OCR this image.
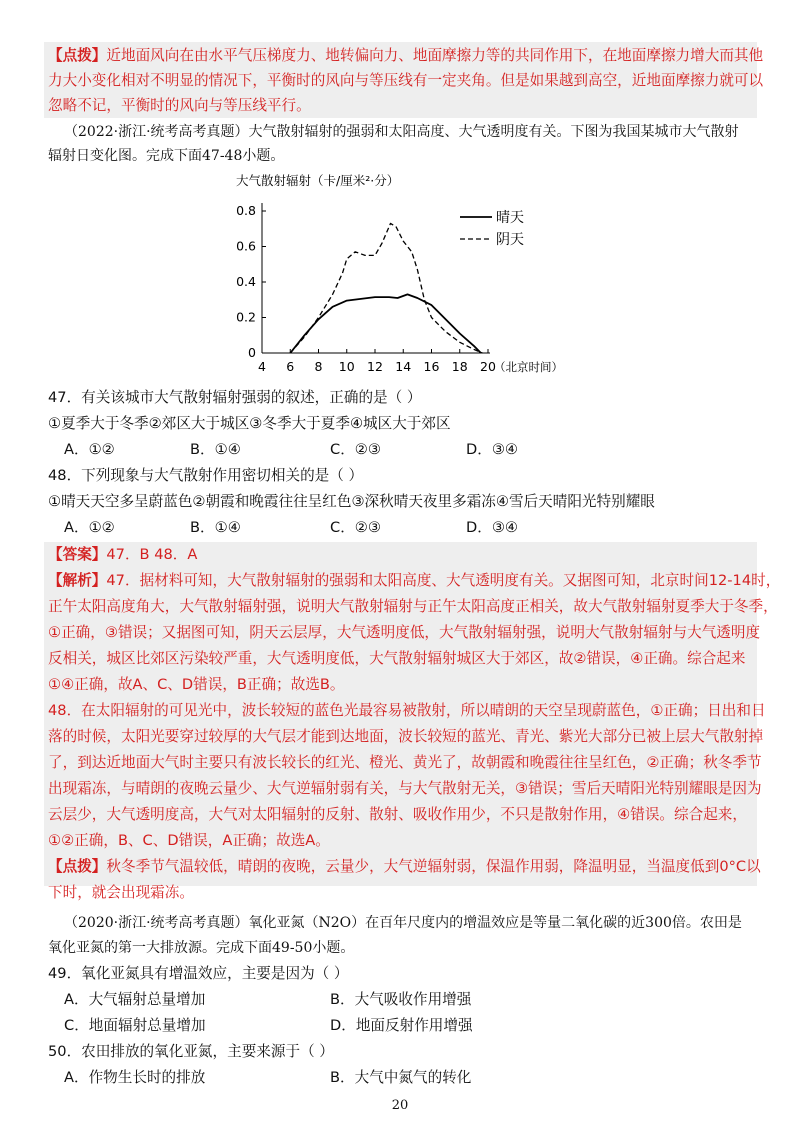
【点拨】近地面风向在由水平气压梯度力、地转偏向力、地面摩擦力等的共同作用下，在地面摩擦力增大而其他
力大小变化相对不明显的情况下，平衡时的风向与等压线有一定夹角。但是如果越到高空，近地面摩擦力就可以
忽略不记，平衡时的风向与等压线平行。
（2022·浙江·统考高考真题）大气散射辐射的强弱和太阳高度、大气透明度有关。下图为我国某城市大气散射
辐射日变化图。完成下面47-48小题。
大气散射辐射（卡/厘米²·分）
4 6 8 10 12 14 16 18 20
（北京时间）
0
0.2
0.4
0.6
0.8	晴天
阴天
47．有关该城市大气散射辐射强弱的叙述，正确的是（ ）
①夏季大于冬季②郊区大于城区③冬季大于夏季④城区大于郊区
A．①②	B．①④	C．②③	D．③④
48．下列现象与大气散射作用密切相关的是（ ）
①晴天天空多呈蔚蓝色②朝霞和晚霞往往呈红色③深秋晴天夜里多霜冻④雪后天晴阳光特别耀眼
A．①②	B．①④	C．②③	D．③④
【答案】47．B 48．A
【解析】47．据材料可知，大气散射辐射的强弱和太阳高度、大气透明度有关。又据图可知，北京时间12-14时，
正午太阳高度角大，大气散射辐射强，说明大气散射辐射与正午太阳高度正相关，故大气散射辐射夏季大于冬季，
①正确，③错误；又据图可知，阴天云层厚，大气透明度低，大气散射辐射强，说明大气散射辐射与大气透明度
反相关，城区比郊区污染较严重，大气透明度低，大气散射辐射城区大于郊区，故②错误，④正确。综合起来
①④正确，故A、C、D错误，B正确；故选B。
48．在太阳辐射的可见光中，波长较短的蓝色光最容易被散射，所以晴朗的天空呈现蔚蓝色，①正确；日出和日
落的时候，太阳光要穿过较厚的大气层才能到达地面，波长较短的蓝光、青光、紫光大部分已被上层大气散射掉
了，到达近地面大气时主要只有波长较长的红光、橙光、黄光了，故朝霞和晚霞往往呈红色，②正确；秋冬季节
出现霜冻，与晴朗的夜晚云量少、大气逆辐射弱有关，与大气散射无关，③错误；雪后天晴阳光特别耀眼是因为
云层少，大气透明度高，大气对太阳辐射的反射、散射、吸收作用少，不只是散射作用，④错误。综合起来，
①②正确，B、C、D错误，A正确；故选A。
【点拨】秋冬季节气温较低，晴朗的夜晚，云量少，大气逆辐射弱，保温作用弱，降温明显，当温度低到0°C以
下时，就会出现霜冻。
（2020·浙江·统考高考真题）氧化亚氮（N2O）在百年尺度内的增温效应是等量二氧化碳的近300倍。农田是
氧化亚氮的第一大排放源。完成下面49-50小题。
49．氧化亚氮具有增温效应，主要是因为（ ）
A．大气辐射总量增加	B．大气吸收作用增强
C．地面辐射总量增加	D．地面反射作用增强
50．农田排放的氧化亚氮，主要来源于（ ）
A．作物生长时的排放	B．大气中氮气的转化
20
